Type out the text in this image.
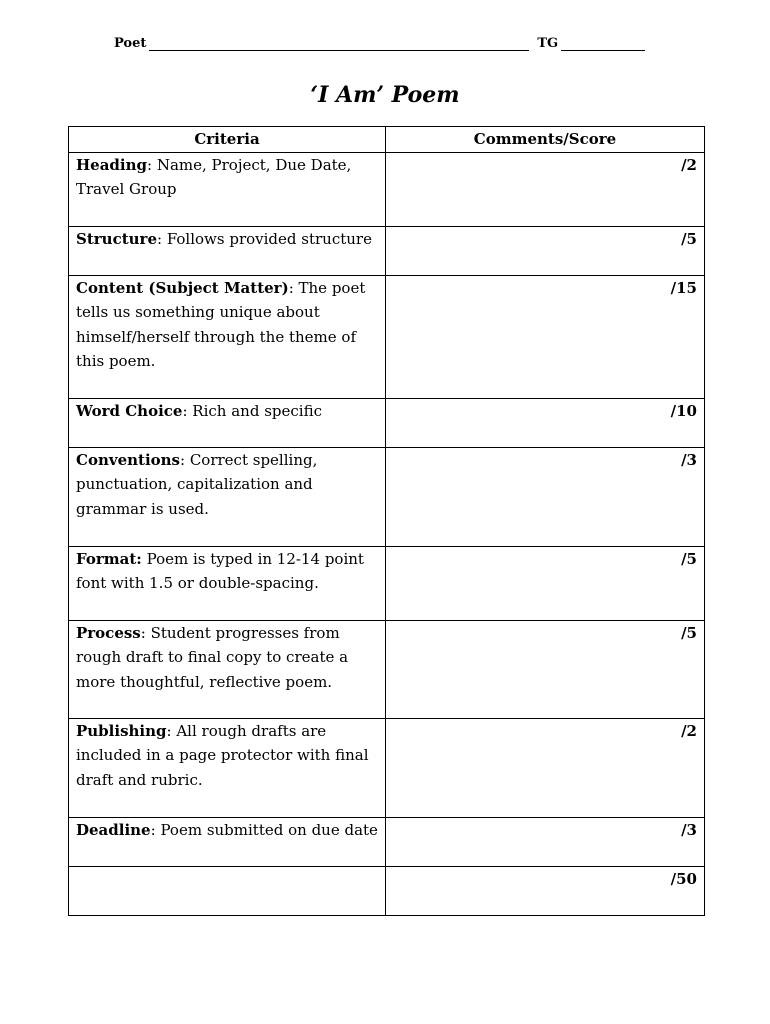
Poet	TG
‘I Am’ Poem
Criteria	Comments/Score
Heading: Name, Project, Due Date, Travel Group	/2
Structure: Follows provided structure	/5
Content (Subject Matter): The poet tells us something unique about himself/herself through the theme of this poem.	/15
Word Choice: Rich and specific	/10
Conventions: Correct spelling, punctuation, capitalization and grammar is used.	/3
Format: Poem is typed in 12-14 point font with 1.5 or double-spacing.	/5
Process: Student progresses from rough draft to final copy to create a more thoughtful, reflective poem.	/5
Publishing: All rough drafts are included in a page protector with final draft and rubric.	/2
Deadline: Poem submitted on due date	/3
	/50
